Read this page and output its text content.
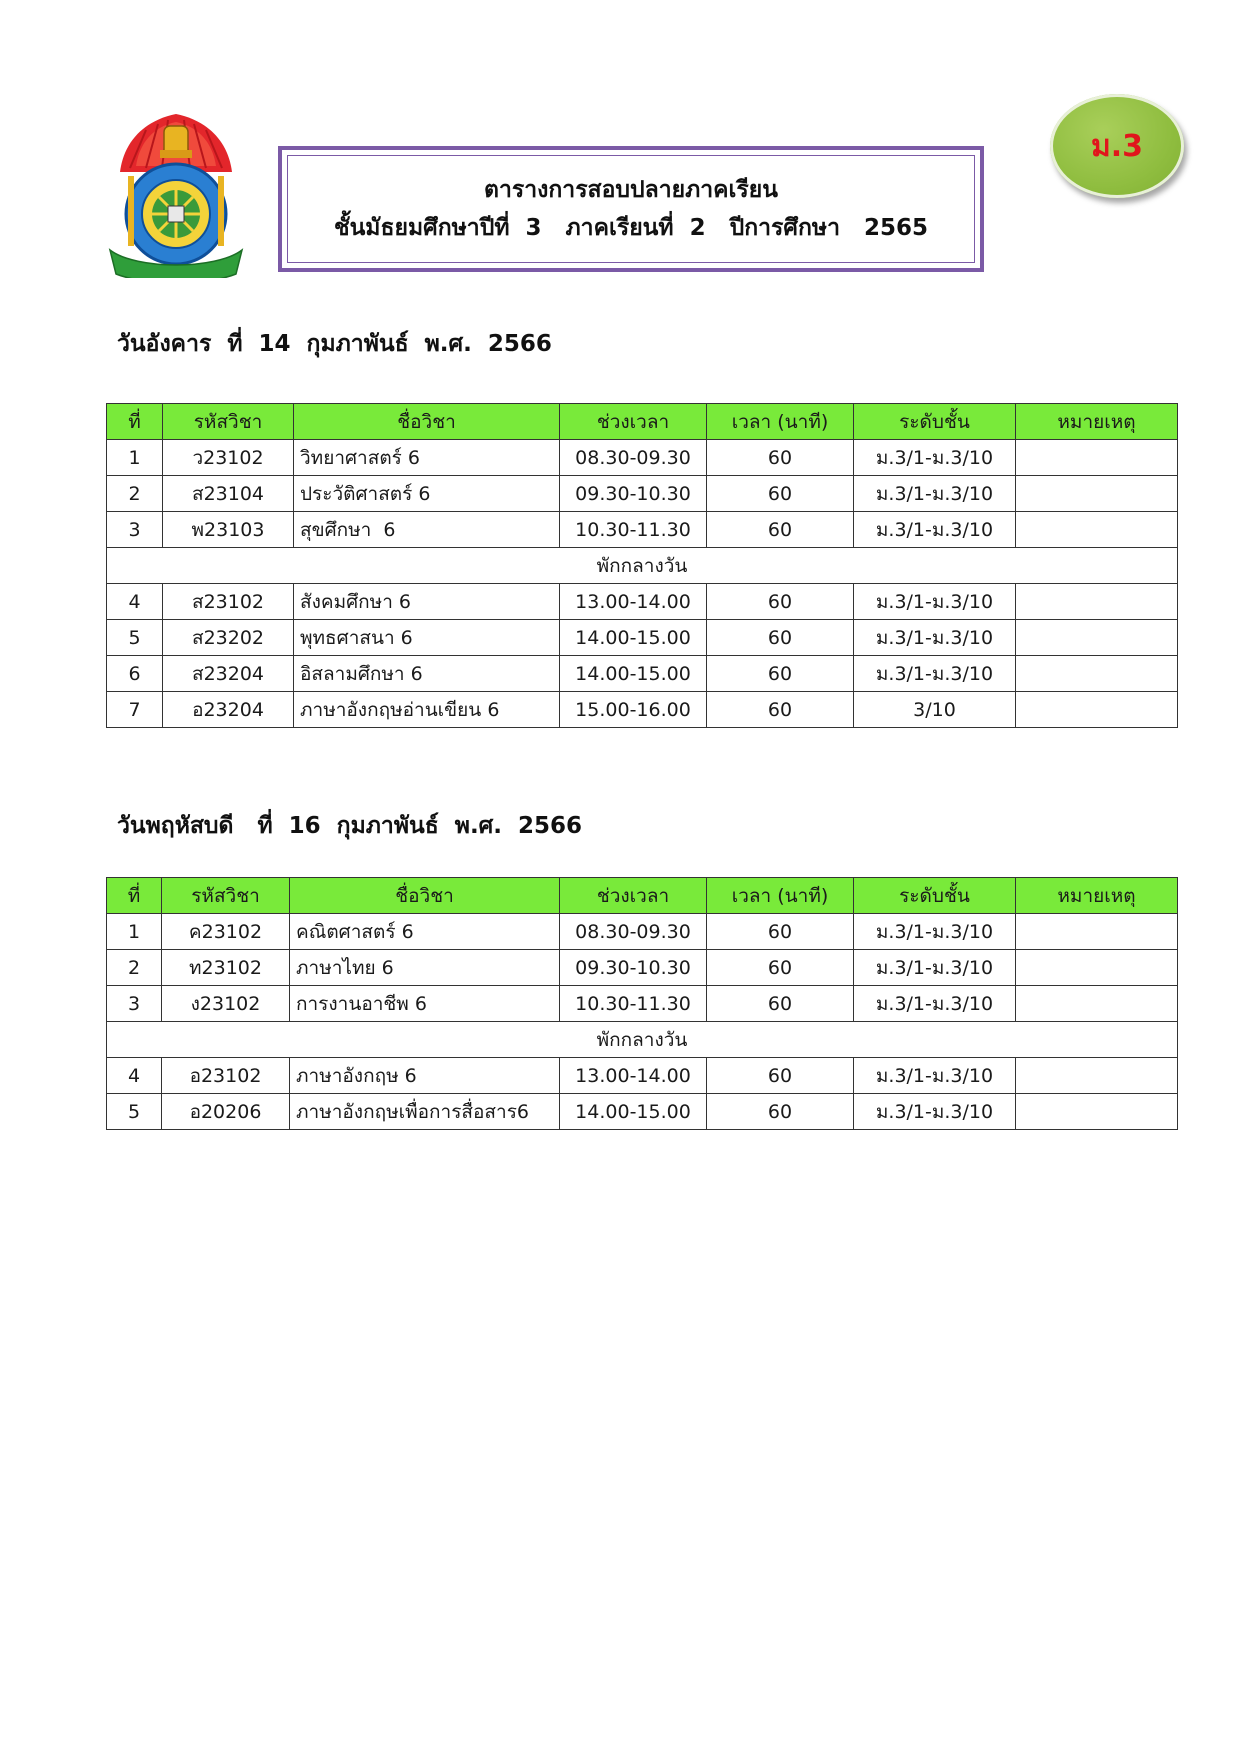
ตารางการสอบปลายภาคเรียน
ชั้นมัธยมศึกษาปีที่  3   ภาคเรียนที่  2   ปีการศึกษา   2565
ม.3
วันอังคาร  ที่  14  กุมภาพันธ์  พ.ศ.  2566
ที่	รหัสวิชา	ชื่อวิชา	ช่วงเวลา	เวลา (นาที)	ระดับชั้น	หมายเหตุ
1	ว23102	วิทยาศาสตร์ 6	08.30-09.30	60	ม.3/1-ม.3/10	
2	ส23104	ประวัติศาสตร์ 6	09.30-10.30	60	ม.3/1-ม.3/10	
3	พ23103	สุขศึกษา  6	10.30-11.30	60	ม.3/1-ม.3/10	
พักกลางวัน						
4	ส23102	สังคมศึกษา 6	13.00-14.00	60	ม.3/1-ม.3/10	
5	ส23202	พุทธศาสนา 6	14.00-15.00	60	ม.3/1-ม.3/10	
6	ส23204	อิสลามศึกษา 6	14.00-15.00	60	ม.3/1-ม.3/10	
7	อ23204	ภาษาอังกฤษอ่านเขียน 6	15.00-16.00	60	3/10	
วันพฤหัสบดี   ที่  16  กุมภาพันธ์  พ.ศ.  2566
ที่	รหัสวิชา	ชื่อวิชา	ช่วงเวลา	เวลา (นาที)	ระดับชั้น	หมายเหตุ
1	ค23102	คณิตศาสตร์ 6	08.30-09.30	60	ม.3/1-ม.3/10	
2	ท23102	ภาษาไทย 6	09.30-10.30	60	ม.3/1-ม.3/10	
3	ง23102	การงานอาชีพ 6	10.30-11.30	60	ม.3/1-ม.3/10	
พักกลางวัน						
4	อ23102	ภาษาอังกฤษ 6	13.00-14.00	60	ม.3/1-ม.3/10	
5	อ20206	ภาษาอังกฤษเพื่อการสื่อสาร6	14.00-15.00	60	ม.3/1-ม.3/10	
